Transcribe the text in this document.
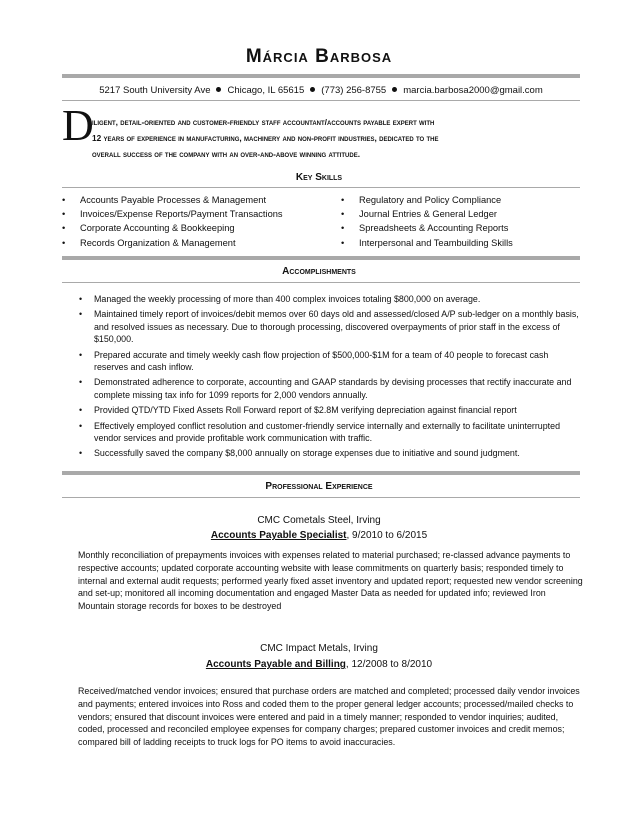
Márcia Barbosa
5217 South University Ave Chicago, IL 65615 (773) 256-8755 marcia.barbosa2000@gmail.com
D
iligent, detail-oriented and customer-friendly staff accountant/accounts payable expert with
12 years of experience in manufacturing, machinery and non-profit industries, dedicated to the
overall success of the company with an over-and-above winning attitude.
Key Skills
• Accounts Payable Processes & Management
• Invoices/Expense Reports/Payment Transactions
• Corporate Accounting & Bookkeeping
• Records Organization & Management
• Regulatory and Policy Compliance
• Journal Entries & General Ledger
• Spreadsheets & Accounting Reports
• Interpersonal and Teambuilding Skills
Accomplishments
• Managed the weekly processing of more than 400 complex invoices totaling $800,000 on average.
• Maintained timely report of invoices/debit memos over 60 days old and assessed/closed A/P sub-ledger on a monthly basis, and resolved issues as necessary. Due to thorough processing, discovered overpayments of prior staff in the excess of $150,000.
• Prepared accurate and timely weekly cash flow projection of $500,000-$1M for a team of 40 people to forecast cash reserves and cash inflow.
• Demonstrated adherence to corporate, accounting and GAAP standards by devising processes that rectify inaccurate and complete missing tax info for 1099 reports for 2,000 vendors annually.
• Provided QTD/YTD Fixed Assets Roll Forward report of $2.8M verifying depreciation against financial report
• Effectively employed conflict resolution and customer-friendly service internally and externally to facilitate uninterrupted vendor services and provide profitable work communication with traffic.
• Successfully saved the company $8,000 annually on storage expenses due to initiative and sound judgment.
Professional Experience
CMC Cometals Steel, Irving
Accounts Payable Specialist, 9/2010 to 6/2015
Monthly reconciliation of prepayments invoices with expenses related to material purchased; re-classed advance payments to respective accounts; updated corporate accounting website with lease commitments on quarterly basis; responded timely to internal and external audit requests; performed yearly fixed asset inventory and updated report; requested new vendor screening and set-up; monitored all incoming documentation and engaged Master Data as needed for updated info; reviewed Iron Mountain storage records for boxes to be destroyed
CMC Impact Metals, Irving
Accounts Payable and Billing, 12/2008 to 8/2010
Received/matched vendor invoices; ensured that purchase orders are matched and completed; processed daily vendor invoices and payments; entered invoices into Ross and coded them to the proper general ledger accounts; processed/mailed checks to vendors; ensured that discount invoices were entered and paid in a timely manner; responded to vendor inquiries; audited, coded, processed and reconciled employee expenses for company charges; prepared customer invoices and credit memos; compared bill of ladding receipts to truck logs for PO items to avoid inaccuracies.
